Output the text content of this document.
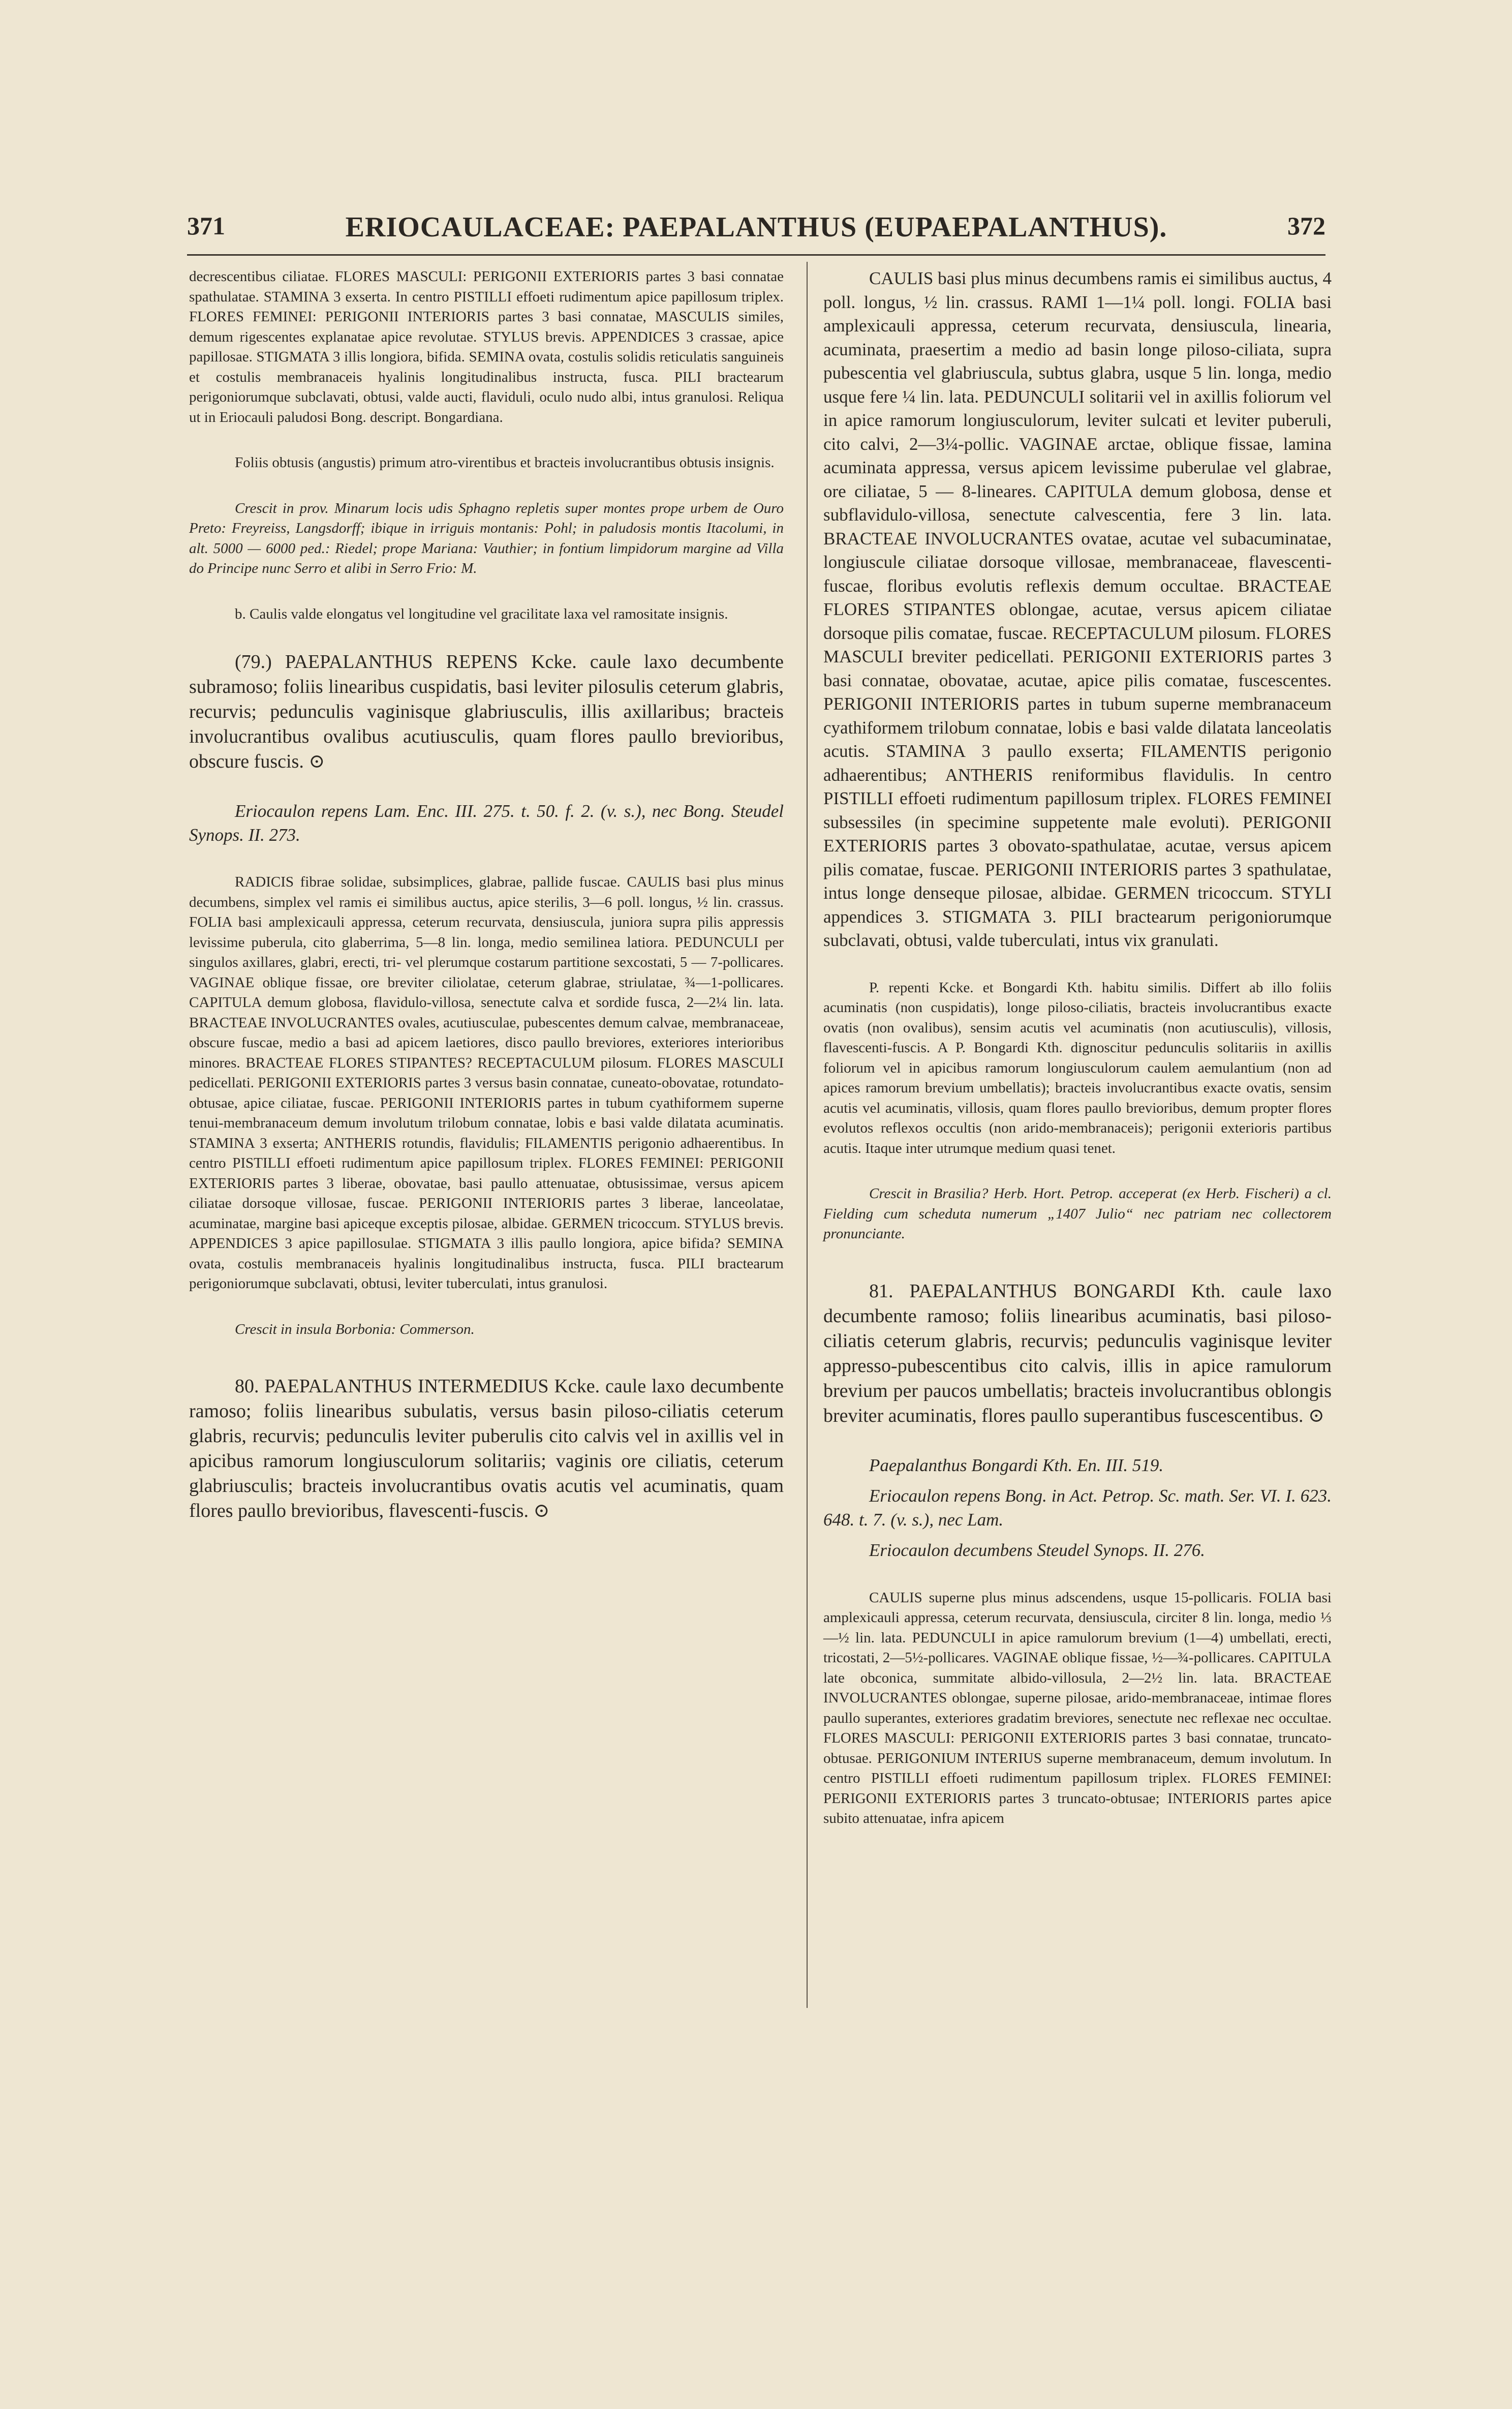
371	ERIOCAULACEAE: PAEPALANTHUS (EUPAEPALANTHUS).	372

decrescentibus ciliatae. FLORES MASCULI: PERIGONII EXTERIORIS partes 3 basi connatae spathulatae. STAMINA 3 exserta. In centro PISTILLI effoeti rudimentum apice papillosum triplex. FLORES FEMINEI: PERIGONII INTERIORIS partes 3 basi connatae, MASCULIS similes, demum rigescentes explanatae apice revolutae. STYLUS brevis. APPENDICES 3 crassae, apice papillosae. STIGMATA 3 illis longiora, bifida. SEMINA ovata, costulis solidis reticulatis sanguineis et costulis membranaceis hyalinis longitudinalibus instructa, fusca. PILI bractearum perigoniorumque subclavati, obtusi, valde aucti, flaviduli, oculo nudo albi, intus granulosi. Reliqua ut in Eriocauli paludosi Bong. descript. Bongardiana.

Foliis obtusis (angustis) primum atro-virentibus et bracteis involucrantibus obtusis insignis.

Crescit in prov. Minarum locis udis Sphagno repletis super montes prope urbem de Ouro Preto: Freyreiss, Langsdorff; ibique in irriguis montanis: Pohl; in paludosis montis Itacolumi, in alt. 5000 — 6000 ped.: Riedel; prope Mariana: Vauthier; in fontium limpidorum margine ad Villa do Principe nunc Serro et alibi in Serro Frio: M.

b. Caulis valde elongatus vel longitudine vel gracilitate laxa vel ramositate insignis.

(79.) PAEPALANTHUS REPENS Kcke. caule laxo decumbente subramoso; foliis linearibus cuspidatis, basi leviter pilosulis ceterum glabris, recurvis; pedunculis vaginisque glabriusculis, illis axillaribus; bracteis involucrantibus ovalibus acutiusculis, quam flores paullo brevioribus, obscure fuscis. ⊙

Eriocaulon repens Lam. Enc. III. 275. t. 50. f. 2. (v. s.), nec Bong. Steudel Synops. II. 273.

RADICIS fibrae solidae, subsimplices, glabrae, pallide fuscae. CAULIS basi plus minus decumbens, simplex vel ramis ei similibus auctus, apice sterilis, 3—6 poll. longus, ½ lin. crassus. FOLIA basi amplexicauli appressa, ceterum recurvata, densiuscula, juniora supra pilis appressis levissime puberula, cito glaberrima, 5—8 lin. longa, medio semilinea latiora. PEDUNCULI per singulos axillares, glabri, erecti, tri- vel plerumque costarum partitione sexcostati, 5 — 7-pollicares. VAGINAE oblique fissae, ore breviter ciliolatae, ceterum glabrae, striulatae, ¾—1-pollicares. CAPITULA demum globosa, flavidulo-villosa, senectute calva et sordide fusca, 2—2¼ lin. lata. BRACTEAE INVOLUCRANTES ovales, acutiusculae, pubescentes demum calvae, membranaceae, obscure fuscae, medio a basi ad apicem laetiores, disco paullo breviores, exteriores interioribus minores. BRACTEAE FLORES STIPANTES? RECEPTACULUM pilosum. FLORES MASCULI pedicellati. PERIGONII EXTERIORIS partes 3 versus basin connatae, cuneato-obovatae, rotundato-obtusae, apice ciliatae, fuscae. PERIGONII INTERIORIS partes in tubum cyathiformem superne tenui-membranaceum demum involutum trilobum connatae, lobis e basi valde dilatata acuminatis. STAMINA 3 exserta; ANTHERIS rotundis, flavidulis; FILAMENTIS perigonio adhaerentibus. In centro PISTILLI effoeti rudimentum apice papillosum triplex. FLORES FEMINEI: PERIGONII EXTERIORIS partes 3 liberae, obovatae, basi paullo attenuatae, obtusissimae, versus apicem ciliatae dorsoque villosae, fuscae. PERIGONII INTERIORIS partes 3 liberae, lanceolatae, acuminatae, margine basi apiceque exceptis pilosae, albidae. GERMEN tricoccum. STYLUS brevis. APPENDICES 3 apice papillosulae. STIGMATA 3 illis paullo longiora, apice bifida? SEMINA ovata, costulis membranaceis hyalinis longitudinalibus instructa, fusca. PILI bractearum perigoniorumque subclavati, obtusi, leviter tuberculati, intus granulosi.

Crescit in insula Borbonia: Commerson.

80. PAEPALANTHUS INTERMEDIUS Kcke. caule laxo decumbente ramoso; foliis linearibus subulatis, versus basin piloso-ciliatis ceterum glabris, recurvis; pedunculis leviter puberulis cito calvis vel in axillis vel in apicibus ramorum longiusculorum solitariis; vaginis ore ciliatis, ceterum glabriusculis; bracteis involucrantibus ovatis acutis vel acuminatis, quam flores paullo brevioribus, flavescenti-fuscis. ⊙

CAULIS basi plus minus decumbens ramis ei similibus auctus, 4 poll. longus, ½ lin. crassus. RAMI 1—1¼ poll. longi. FOLIA basi amplexicauli appressa, ceterum recurvata, densiuscula, linearia, acuminata, praesertim a medio ad basin longe piloso-ciliata, supra pubescentia vel glabriuscula, subtus glabra, usque 5 lin. longa, medio usque fere ¼ lin. lata. PEDUNCULI solitarii vel in axillis foliorum vel in apice ramorum longiusculorum, leviter sulcati et leviter puberuli, cito calvi, 2—3¼-pollic. VAGINAE arctae, oblique fissae, lamina acuminata appressa, versus apicem levissime puberulae vel glabrae, ore ciliatae, 5 — 8-lineares. CAPITULA demum globosa, dense et subflavidulo-villosa, senectute calvescentia, fere 3 lin. lata. BRACTEAE INVOLUCRANTES ovatae, acutae vel subacuminatae, longiuscule ciliatae dorsoque villosae, membranaceae, flavescenti-fuscae, floribus evolutis reflexis demum occultae. BRACTEAE FLORES STIPANTES oblongae, acutae, versus apicem ciliatae dorsoque pilis comatae, fuscae. RECEPTACULUM pilosum. FLORES MASCULI breviter pedicellati. PERIGONII EXTERIORIS partes 3 basi connatae, obovatae, acutae, apice pilis comatae, fuscescentes. PERIGONII INTERIORIS partes in tubum superne membranaceum cyathiformem trilobum connatae, lobis e basi valde dilatata lanceolatis acutis. STAMINA 3 paullo exserta; FILAMENTIS perigonio adhaerentibus; ANTHERIS reniformibus flavidulis. In centro PISTILLI effoeti rudimentum papillosum triplex. FLORES FEMINEI subsessiles (in specimine suppetente male evoluti). PERIGONII EXTERIORIS partes 3 obovato-spathulatae, acutae, versus apicem pilis comatae, fuscae. PERIGONII INTERIORIS partes 3 spathulatae, intus longe denseque pilosae, albidae. GERMEN tricoccum. STYLI appendices 3. STIGMATA 3. PILI bractearum perigoniorumque subclavati, obtusi, valde tuberculati, intus vix granulati.

P. repenti Kcke. et Bongardi Kth. habitu similis. Differt ab illo foliis acuminatis (non cuspidatis), longe piloso-ciliatis, bracteis involucrantibus exacte ovatis (non ovalibus), sensim acutis vel acuminatis (non acutiusculis), villosis, flavescenti-fuscis. A P. Bongardi Kth. dignoscitur pedunculis solitariis in axillis foliorum vel in apicibus ramorum longiusculorum caulem aemulantium (non ad apices ramorum brevium umbellatis); bracteis involucrantibus exacte ovatis, sensim acutis vel acuminatis, villosis, quam flores paullo brevioribus, demum propter flores evolutos reflexos occultis (non arido-membranaceis); perigonii exterioris partibus acutis. Itaque inter utrumque medium quasi tenet.

Crescit in Brasilia? Herb. Hort. Petrop. acceperat (ex Herb. Fischeri) a cl. Fielding cum scheduta numerum „1407 Julio“ nec patriam nec collectorem pronunciante.

81. PAEPALANTHUS BONGARDI Kth. caule laxo decumbente ramoso; foliis linearibus acuminatis, basi piloso-ciliatis ceterum glabris, recurvis; pedunculis vaginisque leviter appresso-pubescentibus cito calvis, illis in apice ramulorum brevium per paucos umbellatis; bracteis involucrantibus oblongis breviter acuminatis, flores paullo superantibus fuscescentibus. ⊙

Paepalanthus Bongardi Kth. En. III. 519.

Eriocaulon repens Bong. in Act. Petrop. Sc. math. Ser. VI. I. 623. 648. t. 7. (v. s.), nec Lam.

Eriocaulon decumbens Steudel Synops. II. 276.

CAULIS superne plus minus adscendens, usque 15-pollicaris. FOLIA basi amplexicauli appressa, ceterum recurvata, densiuscula, circiter 8 lin. longa, medio ⅓—½ lin. lata. PEDUNCULI in apice ramulorum brevium (1—4) umbellati, erecti, tricostati, 2—5½-pollicares. VAGINAE oblique fissae, ½—¾-pollicares. CAPITULA late obconica, summitate albido-villosula, 2—2½ lin. lata. BRACTEAE INVOLUCRANTES oblongae, superne pilosae, arido-membranaceae, intimae flores paullo superantes, exteriores gradatim breviores, senectute nec reflexae nec occultae. FLORES MASCULI: PERIGONII EXTERIORIS partes 3 basi connatae, truncato-obtusae. PERIGONIUM INTERIUS superne membranaceum, demum involutum. In centro PISTILLI effoeti rudimentum papillosum triplex. FLORES FEMINEI: PERIGONII EXTERIORIS partes 3 truncato-obtusae; INTERIORIS partes apice subito attenuatae, infra apicem
